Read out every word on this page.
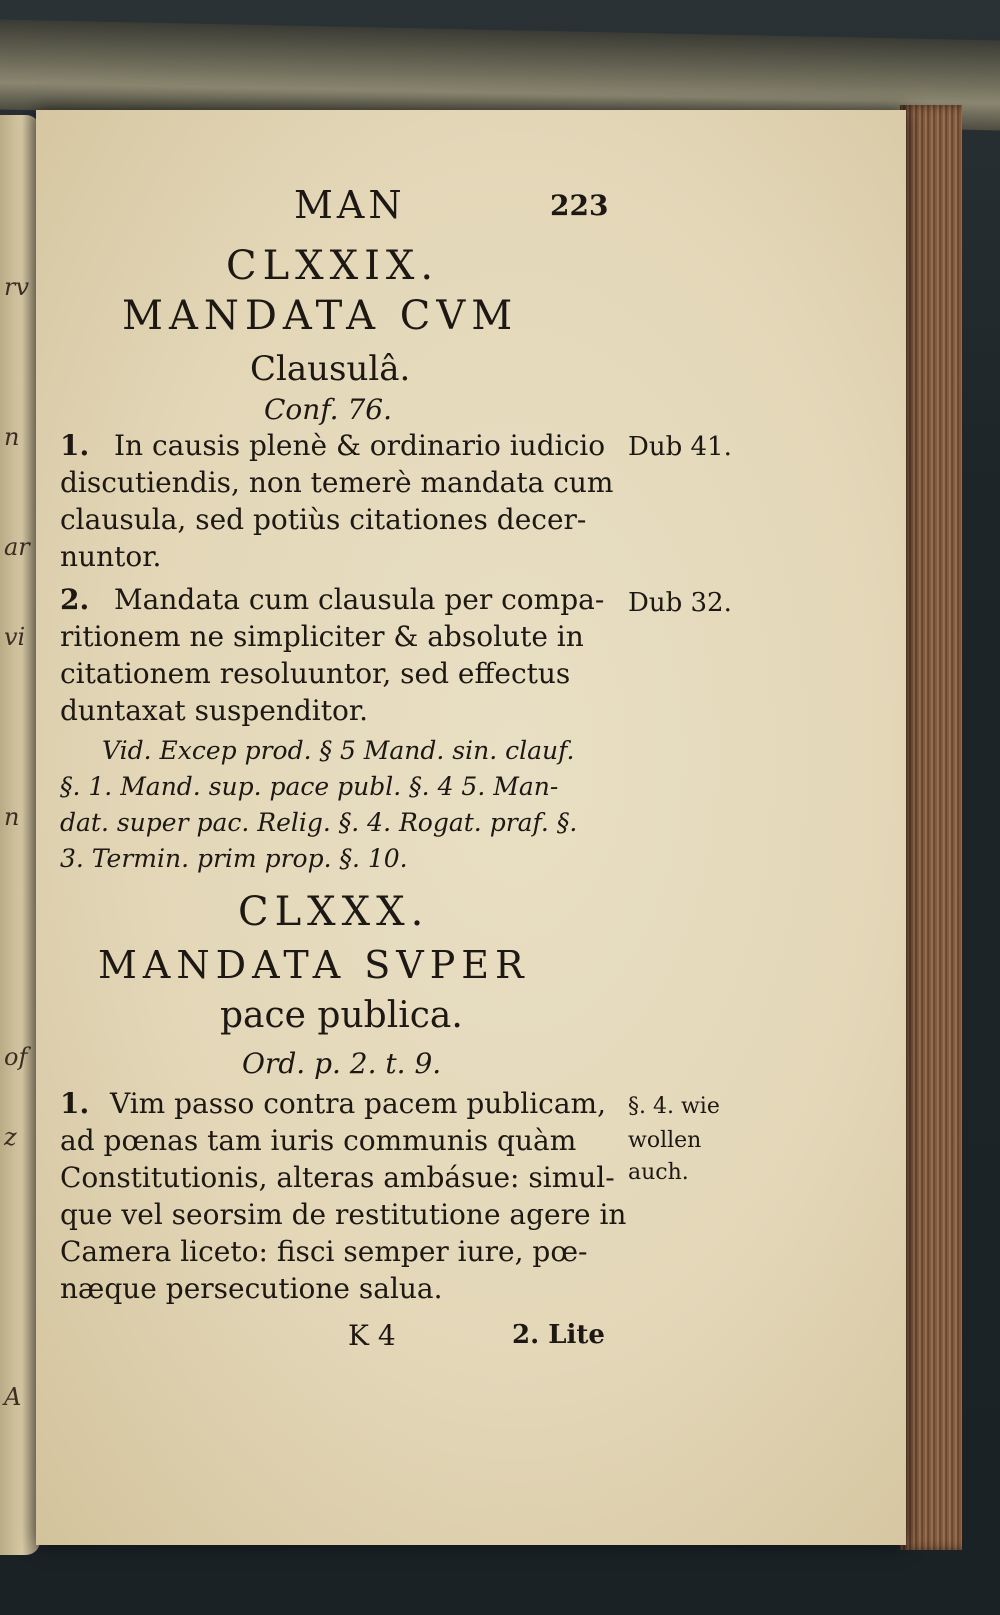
rv
n
ar
vi
n
of
z
A
MAN	223
CLXXIX.
MANDATA CVM
Clausulâ.
Conf. 76.
1. In causis plenè & ordinario iudicio
discutiendis, non temerè mandata cum
clausula, sed potiùs citationes decer-
nuntor.
Dub 41.
2. Mandata cum clausula per compa-
ritionem ne simpliciter & absolute in
citationem resoluuntor, sed effectus
duntaxat suspenditor.
Dub 32.
Vid. Excep prod. § 5 Mand. sin. clauf.
§. 1. Mand. sup. pace publ. §. 4 5. Man-
dat. super pac. Relig. §. 4. Rogat. praf. §.
3. Termin. prim prop. §. 10.
CLXXX.
MANDATA SVPER
pace publica.
Ord. p. 2. t. 9.
1. Vim passo contra pacem publicam,
ad pœnas tam iuris communis quàm
Constitutionis, alteras ambásue: simul-
que vel seorsim de restitutione agere in
Camera liceto: fisci semper iure, pœ-
næque persecutione salua.
§. 4. wie
wollen
auch.
K 4	2. Lite
